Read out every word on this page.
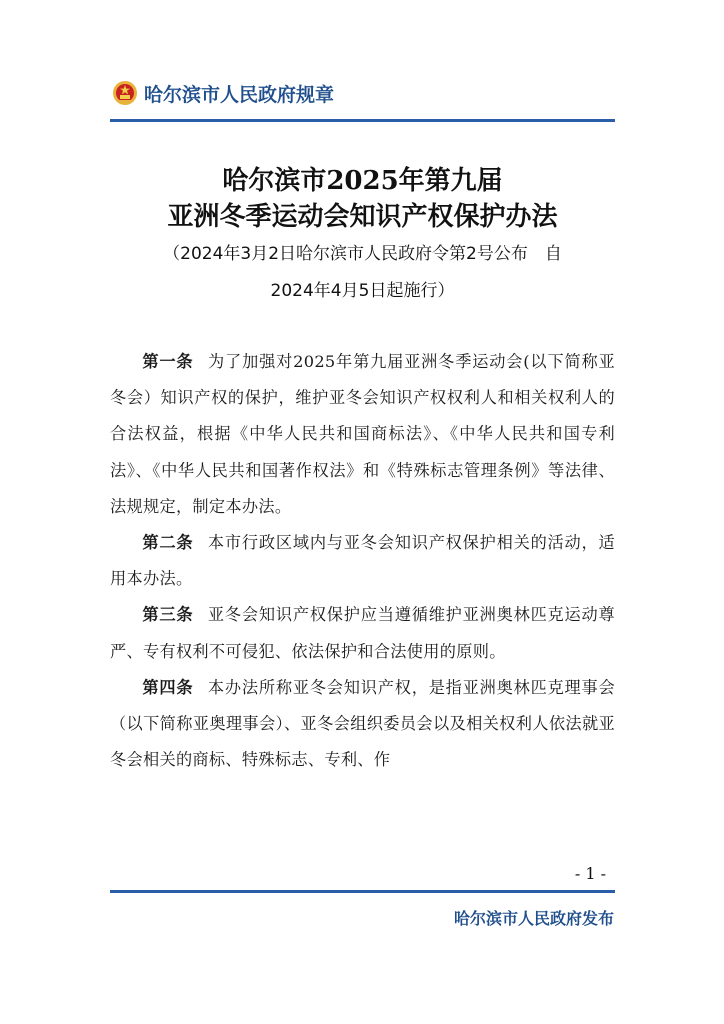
哈尔滨市人民政府规章
哈尔滨市2025年第九届
亚洲冬季运动会知识产权保护办法
（2024年3月2日哈尔滨市人民政府令第2号公布　自
2024年4月5日起施行）

第一条 为了加强对2025年第九届亚洲冬季运动会(以下简称亚冬会）知识产权的保护，维护亚冬会知识产权权利人和相关权利人的合法权益，根据《中华人民共和国商标法》、《中华人民共和国专利法》、《中华人民共和国著作权法》和《特殊标志管理条例》等法律、法规规定，制定本办法。

第二条 本市行政区域内与亚冬会知识产权保护相关的活动，适用本办法。

第三条 亚冬会知识产权保护应当遵循维护亚洲奥林匹克运动尊严、专有权利不可侵犯、依法保护和合法使用的原则。

第四条 本办法所称亚冬会知识产权，是指亚洲奥林匹克理事会（以下简称亚奥理事会）、亚冬会组织委员会以及相关权利人依法就亚冬会相关的商标、特殊标志、专利、作

- 1 -
哈尔滨市人民政府发布
